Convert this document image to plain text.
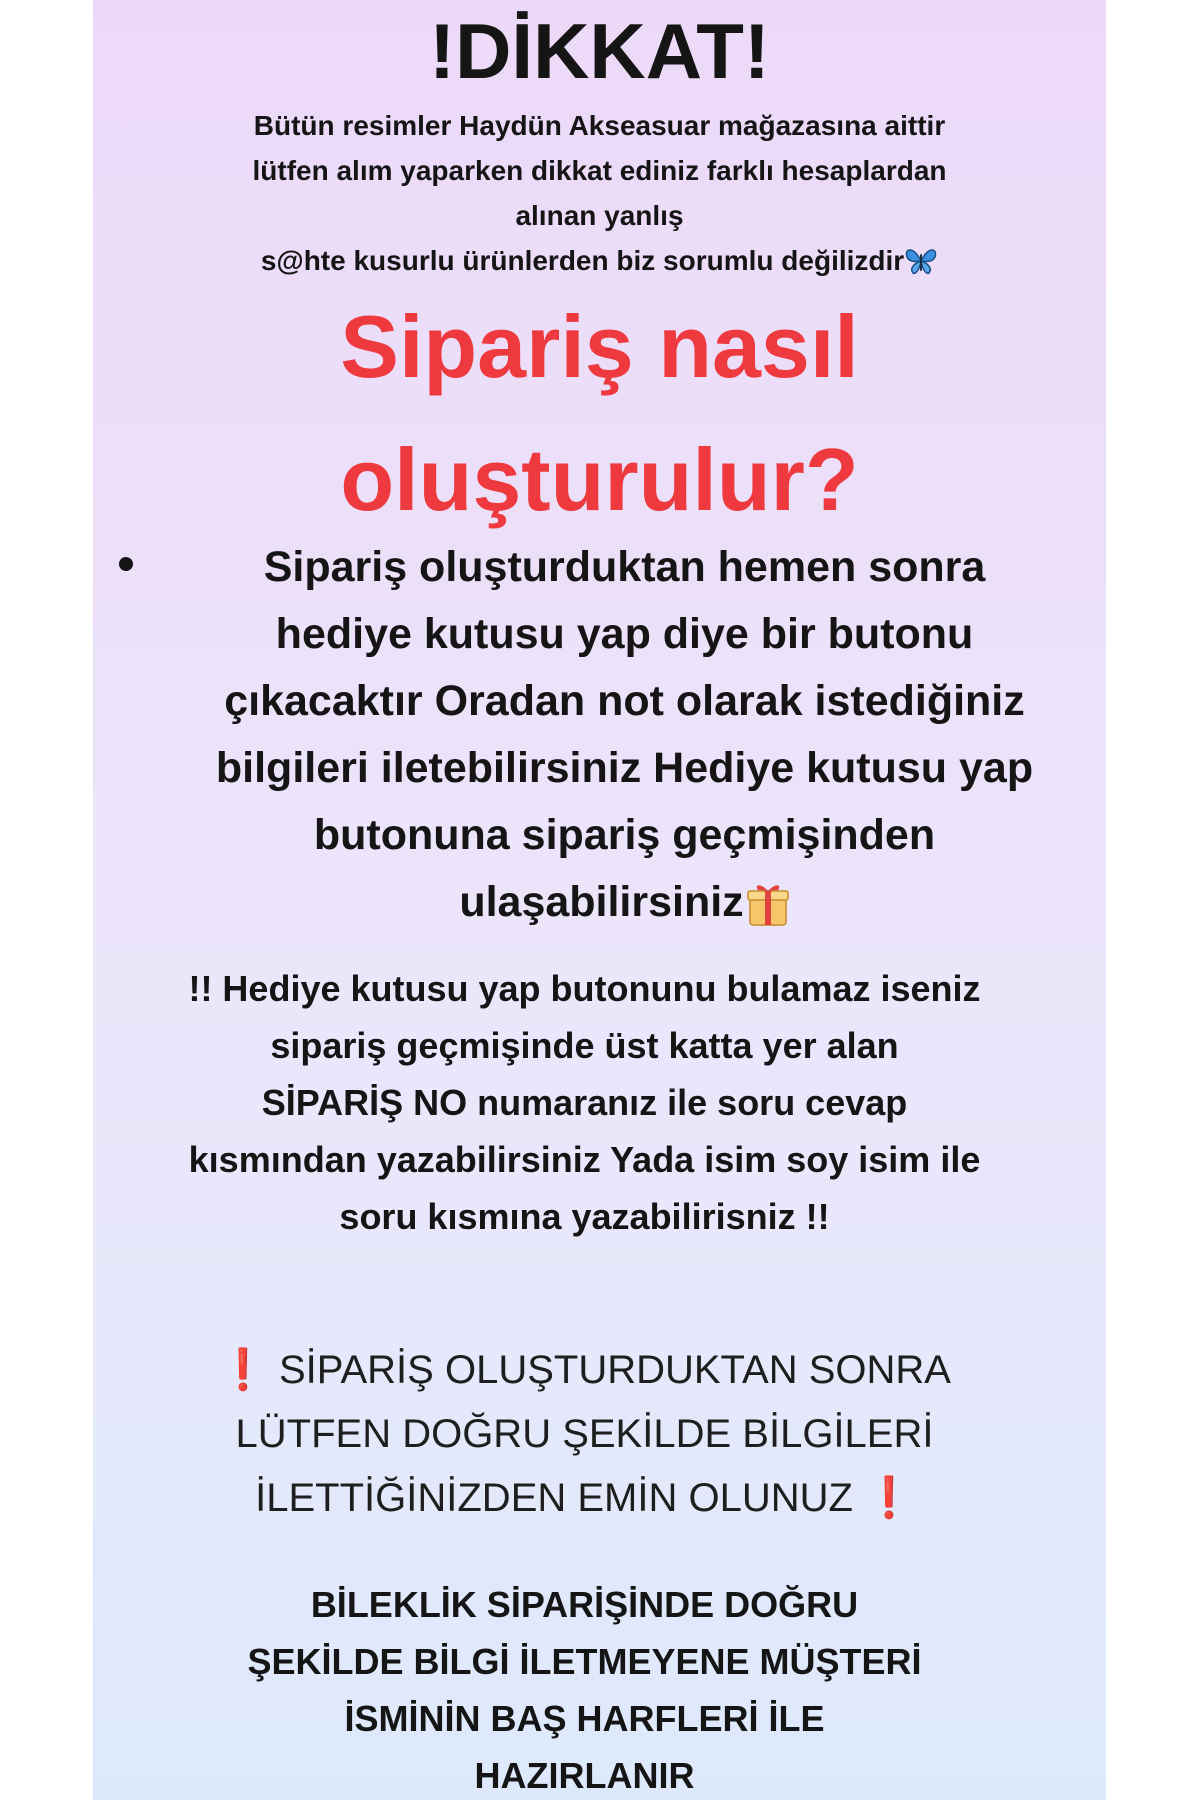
!DİKKAT!
Bütün resimler Haydün Akseasuar mağazasına aittir
lütfen alım yaparken dikkat ediniz farklı hesaplardan
alınan yanlış
s@hte kusurlu ürünlerden biz sorumlu değilizdir
Sipariş nasıl
oluşturulur?
Sipariş oluşturduktan hemen sonra
hediye kutusu yap diye bir butonu
çıkacaktır Oradan not olarak istediğiniz
bilgileri iletebilirsiniz Hediye kutusu yap
butonuna sipariş geçmişinden
ulaşabilirsiniz
!! Hediye kutusu yap butonunu bulamaz iseniz
sipariş geçmişinde üst katta yer alan
SİPARİŞ NO numaranız ile soru cevap
kısmından yazabilirsiniz Yada isim soy isim ile
soru kısmına yazabilirisniz !!
❗ SİPARİŞ OLUŞTURDUKTAN SONRA
LÜTFEN DOĞRU ŞEKİLDE BİLGİLERİ
İLETTİĞİNİZDEN EMİN OLUNUZ ❗
BİLEKLİK SİPARİŞİNDE DOĞRU
ŞEKİLDE BİLGİ İLETMEYENE MÜŞTERİ
İSMİNİN BAŞ HARFLERİ İLE
HAZIRLANIR
